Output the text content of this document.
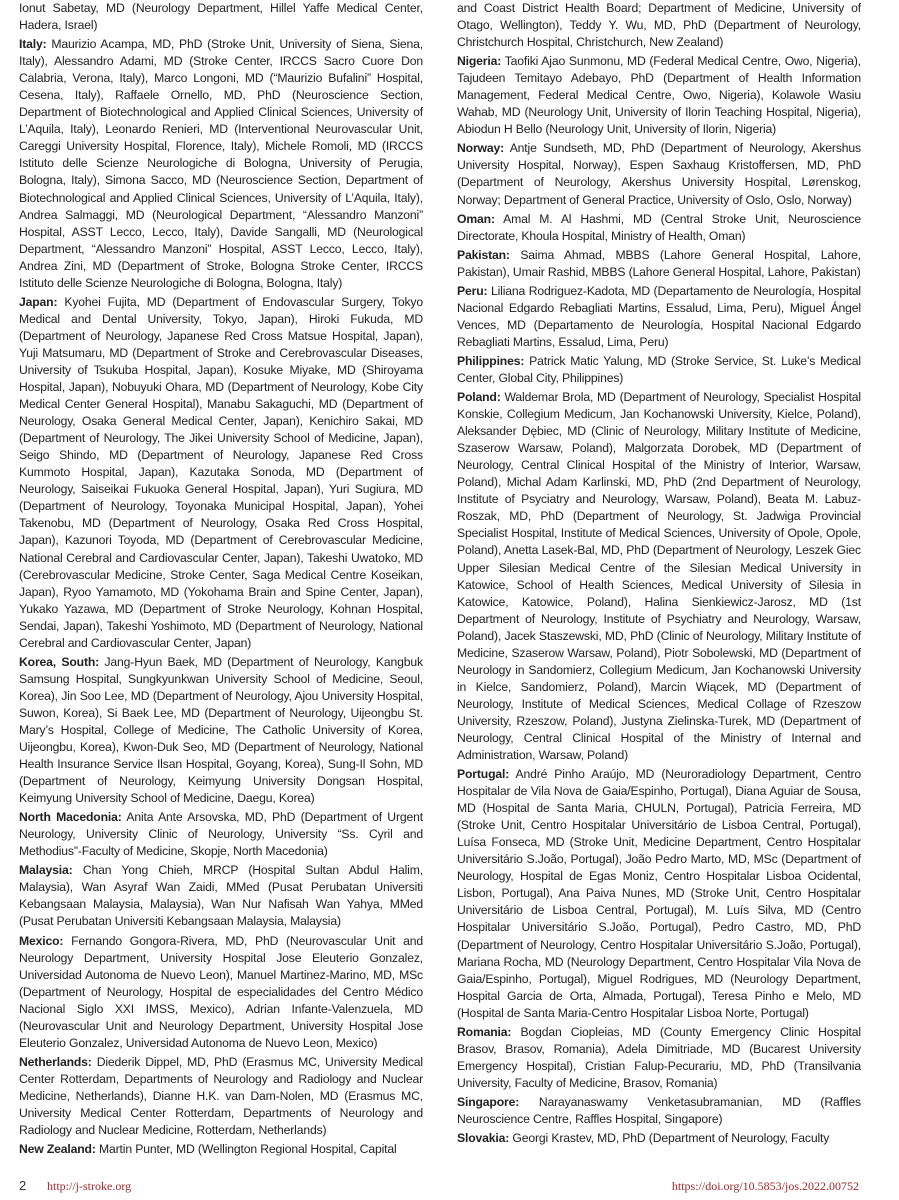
Ionut Sabetay, MD (Neurology Department, Hillel Yaffe Medical Center, Hadera, Israel)

Italy: Maurizio Acampa, MD, PhD (Stroke Unit, University of Siena, Siena, Italy), Alessandro Adami, MD (Stroke Center, IRCCS Sacro Cuore Don Calabria, Verona, Italy), Marco Longoni, MD (“Maurizio Bufalini” Hospital, Cesena, Italy), Raffaele Ornello, MD, PhD (Neuroscience Section, Department of Biotechnological and Applied Clinical Sciences, University of L’Aquila, Italy), Leonardo Renieri, MD (Interventional Neurovascular Unit, Careggi University Hospital, Florence, Italy), Michele Romoli, MD (IRCCS Istituto delle Scienze Neurologiche di Bologna, University of Perugia, Bologna, Italy), Simona Sacco, MD (Neuroscience Section, Department of Biotechnological and Applied Clinical Sciences, University of L’Aquila, Italy), Andrea Salmaggi, MD (Neurological Department, “Alessandro Manzoni” Hospital, ASST Lecco, Lecco, Italy), Davide Sangalli, MD (Neurological Department, “Alessandro Manzoni” Hospital, ASST Lecco, Lecco, Italy), Andrea Zini, MD (Department of Stroke, Bologna Stroke Center, IRCCS Istituto delle Scienze Neurologiche di Bologna, Bologna, Italy)

Japan: Kyohei Fujita, MD (Department of Endovascular Surgery, Tokyo Medical and Dental University, Tokyo, Japan), Hiroki Fukuda, MD (Department of Neurology, Japanese Red Cross Matsue Hospital, Japan), Yuji Matsumaru, MD (Department of Stroke and Cerebrovascular Diseases, University of Tsukuba Hospital, Japan), Kosuke Miyake, MD (Shiroyama Hospital, Japan), Nobuyuki Ohara, MD (Department of Neurology, Kobe City Medical Center General Hospital), Manabu Sakaguchi, MD (Department of Neurology, Osaka General Medical Center, Japan), Kenichiro Sakai, MD (Department of Neurology, The Jikei University School of Medicine, Japan), Seigo Shindo, MD (Department of Neurology, Japanese Red Cross Kummoto Hospital, Japan), Kazutaka Sonoda, MD (Department of Neurology, Saiseikai Fukuoka General Hospital, Japan), Yuri Sugiura, MD (Department of Neurology, Toyonaka Municipal Hospital, Japan), Yohei Takenobu, MD (Department of Neurology, Osaka Red Cross Hospital, Japan), Kazunori Toyoda, MD (Department of Cerebrovascular Medicine, National Cerebral and Cardiovascular Center, Japan), Takeshi Uwatoko, MD (Cerebrovascular Medicine, Stroke Center, Saga Medical Centre Koseikan, Japan), Ryoo Yamamoto, MD (Yokohama Brain and Spine Center, Japan), Yukako Yazawa, MD (Department of Stroke Neurology, Kohnan Hospital, Sendai, Japan), Takeshi Yoshimoto, MD (Department of Neurology, National Cerebral and Cardiovascular Center, Japan)

Korea, South: Jang-Hyun Baek, MD (Department of Neurology, Kangbuk Samsung Hospital, Sungkyunkwan University School of Medicine, Seoul, Korea), Jin Soo Lee, MD (Department of Neurology, Ajou University Hospital, Suwon, Korea), Si Baek Lee, MD (Department of Neurology, Uijeongbu St. Mary’s Hospital, College of Medicine, The Catholic University of Korea, Uijeongbu, Korea), Kwon-Duk Seo, MD (Department of Neurology, National Health Insurance Service Ilsan Hospital, Goyang, Korea), Sung-Il Sohn, MD (Department of Neurology, Keimyung University Dongsan Hospital, Keimyung University School of Medicine, Daegu, Korea)

North Macedonia: Anita Ante Arsovska, MD, PhD (Department of Urgent Neurology, University Clinic of Neurology, University “Ss. Cyril and Methodius”-Faculty of Medicine, Skopje, North Macedonia)

Malaysia: Chan Yong Chieh, MRCP (Hospital Sultan Abdul Halim, Malaysia), Wan Asyraf Wan Zaidi, MMed (Pusat Perubatan Universiti Kebangsaan Malaysia, Malaysia), Wan Nur Nafisah Wan Yahya, MMed (Pusat Perubatan Universiti Kebangsaan Malaysia, Malaysia)

Mexico: Fernando Gongora-Rivera, MD, PhD (Neurovascular Unit and Neurology Department, University Hospital Jose Eleuterio Gonzalez, Universidad Autonoma de Nuevo Leon), Manuel Martinez-Marino, MD, MSc (Department of Neurology, Hospital de especialidades del Centro Médico Nacional Siglo XXI IMSS, Mexico), Adrian Infante-Valenzuela, MD (Neurovascular Unit and Neurology Department, University Hospital Jose Eleuterio Gonzalez, Universidad Autonoma de Nuevo Leon, Mexico)

Netherlands: Diederik Dippel, MD, PhD (Erasmus MC, University Medical Center Rotterdam, Departments of Neurology and Radiology and Nuclear Medicine, Netherlands), Dianne H.K. van Dam-Nolen, MD (Erasmus MC, University Medical Center Rotterdam, Departments of Neurology and Radiology and Nuclear Medicine, Rotterdam, Netherlands)

New Zealand: Martin Punter, MD (Wellington Regional Hospital, Capital

and Coast District Health Board; Department of Medicine, University of Otago, Wellington), Teddy Y. Wu, MD, PhD (Department of Neurology, Christchurch Hospital, Christchurch, New Zealand)

Nigeria: Taofiki Ajao Sunmonu, MD (Federal Medical Centre, Owo, Nigeria), Tajudeen Temitayo Adebayo, PhD (Department of Health Information Management, Federal Medical Centre, Owo, Nigeria), Kolawole Wasiu Wahab, MD (Neurology Unit, University of Ilorin Teaching Hospital, Nigeria), Abiodun H Bello (Neurology Unit, University of Ilorin, Nigeria)

Norway: Antje Sundseth, MD, PhD (Department of Neurology, Akershus University Hospital, Norway), Espen Saxhaug Kristoffersen, MD, PhD (Department of Neurology, Akershus University Hospital, Lørenskog, Norway; Department of General Practice, University of Oslo, Oslo, Norway)

Oman: Amal M. Al Hashmi, MD (Central Stroke Unit, Neuroscience Directorate, Khoula Hospital, Ministry of Health, Oman)

Pakistan: Saima Ahmad, MBBS (Lahore General Hospital, Lahore, Pakistan), Umair Rashid, MBBS (Lahore General Hospital, Lahore, Pakistan)

Peru: Liliana Rodriguez-Kadota, MD (Departamento de Neurología, Hospital Nacional Edgardo Rebagliati Martins, Essalud, Lima, Peru), Miguel Ángel Vences, MD (Departamento de Neurología, Hospital Nacional Edgardo Rebagliati Martins, Essalud, Lima, Peru)

Philippines: Patrick Matic Yalung, MD (Stroke Service, St. Luke’s Medical Center, Global City, Philippines)

Poland: Waldemar Brola, MD (Department of Neurology, Specialist Hospital Konskie, Collegium Medicum, Jan Kochanowski University, Kielce, Poland), Aleksander Dębiec, MD (Clinic of Neurology, Military Institute of Medicine, Szaserow Warsaw, Poland), Malgorzata Dorobek, MD (Department of Neurology, Central Clinical Hospital of the Ministry of Interior, Warsaw, Poland), Michal Adam Karlinski, MD, PhD (2nd Department of Neurology, Institute of Psyciatry and Neurology, Warsaw, Poland), Beata M. Labuz-Roszak, MD, PhD (Department of Neurology, St. Jadwiga Provincial Specialist Hospital, Institute of Medical Sciences, University of Opole, Opole, Poland), Anetta Lasek-Bal, MD, PhD (Department of Neurology, Leszek Giec Upper Silesian Medical Centre of the Silesian Medical University in Katowice, School of Health Sciences, Medical University of Silesia in Katowice, Katowice, Poland), Halina Sienkiewicz-Jarosz, MD (1st Department of Neurology, Institute of Psychiatry and Neurology, Warsaw, Poland), Jacek Staszewski, MD, PhD (Clinic of Neurology, Military Institute of Medicine, Szaserow Warsaw, Poland), Piotr Sobolewski, MD (Department of Neurology in Sandomierz, Collegium Medicum, Jan Kochanowski University in Kielce, Sandomierz, Poland), Marcin Wiącek, MD (Department of Neurology, Institute of Medical Sciences, Medical Collage of Rzeszow University, Rzeszow, Poland), Justyna Zielinska-Turek, MD (Department of Neurology, Central Clinical Hospital of the Ministry of Internal and Administration, Warsaw, Poland)

Portugal: André Pinho Araújo, MD (Neuroradiology Department, Centro Hospitalar de Vila Nova de Gaia/Espinho, Portugal), Diana Aguiar de Sousa, MD (Hospital de Santa Maria, CHULN, Portugal), Patricia Ferreira, MD (Stroke Unit, Centro Hospitalar Universitário de Lisboa Central, Portugal), Luísa Fonseca, MD (Stroke Unit, Medicine Department, Centro Hospitalar Universitário S.João, Portugal), João Pedro Marto, MD, MSc (Department of Neurology, Hospital de Egas Moniz, Centro Hospitalar Lisboa Ocidental, Lisbon, Portugal), Ana Paiva Nunes, MD (Stroke Unit, Centro Hospitalar Universitário de Lisboa Central, Portugal), M. Luís Silva, MD (Centro Hospitalar Universitário S.João, Portugal), Pedro Castro, MD, PhD (Department of Neurology, Centro Hospitalar Universitário S.João, Portugal), Mariana Rocha, MD (Neurology Department, Centro Hospitalar Vila Nova de Gaia/Espinho, Portugal), Miguel Rodrigues, MD (Neurology Department, Hospital Garcia de Orta, Almada, Portugal), Teresa Pinho e Melo, MD (Hospital de Santa Maria-Centro Hospitalar Lisboa Norte, Portugal)

Romania: Bogdan Ciopleias, MD (County Emergency Clinic Hospital Brasov, Brasov, Romania), Adela Dimitriade, MD (Bucarest University Emergency Hospital), Cristian Falup-Pecurariu, MD, PhD (Transilvania University, Faculty of Medicine, Brasov, Romania)

Singapore: Narayanaswamy Venketasubramanian, MD (Raffles Neuroscience Centre, Raffles Hospital, Singapore)

Slovakia: Georgi Krastev, MD, PhD (Department of Neurology, Faculty

2 http://j-stroke.org	https://doi.org/10.5853/jos.2022.00752
